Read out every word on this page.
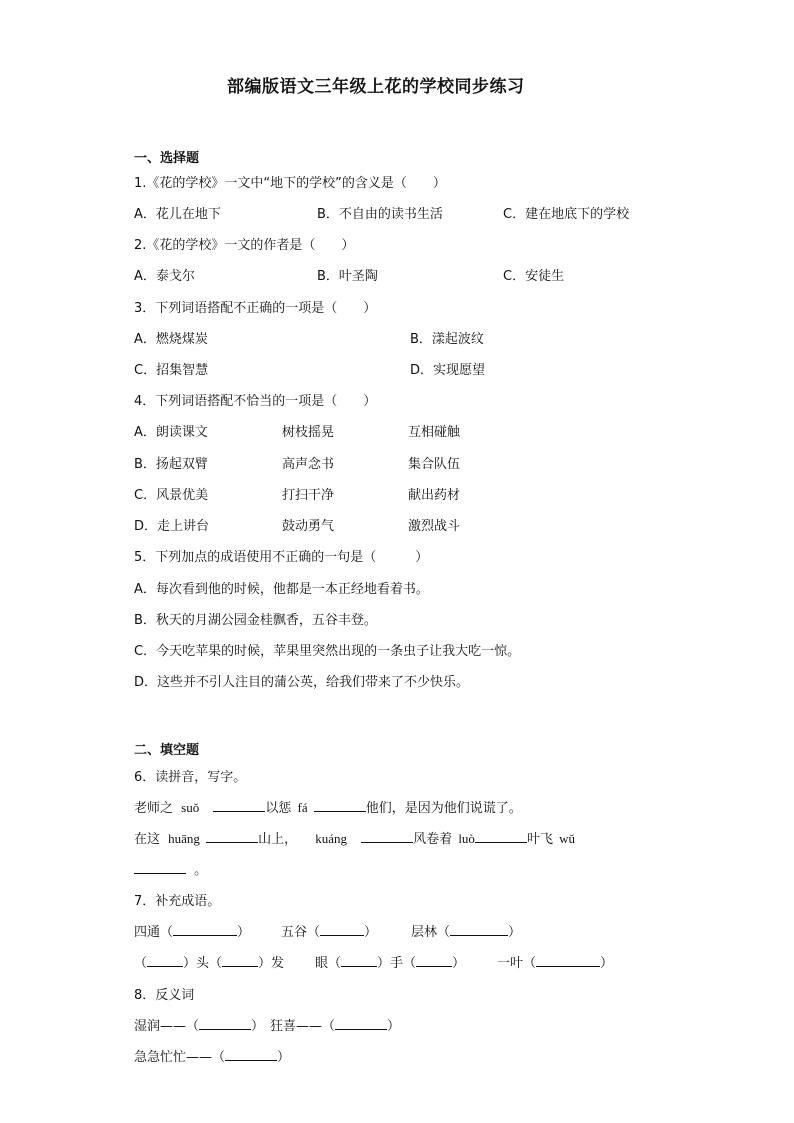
部编版语文三年级上花的学校同步练习
一、选择题
1.《花的学校》一文中“地下的学校”的含义是（　　）
A．花儿在地下	B．不自由的读书生活	C．建在地底下的学校
2.《花的学校》一文的作者是（　　）
A．泰戈尔	B．叶圣陶	C．安徒生
3．下列词语搭配不正确的一项是（　　）
A．燃烧煤炭	B．漾起波纹
C．招集智慧	D．实现愿望
4．下列词语搭配不恰当的一项是（　　）
A．朗读课文	树枝摇晃	互相碰触
B．扬起双臂	高声念书	集合队伍
C．风景优美	打扫干净	献出药材
D．走上讲台	鼓动勇气	激烈战斗
5．下列加点的成语使用不正确的一句是（　　　）
A．每次看到他的时候，他都是一本正经地看着书。
B．秋天的月湖公园金桂飘香，五谷丰登。
C．今天吃苹果的时候，苹果里突然出现的一条虫子让我大吃一惊。
D．这些并不引人注目的蒲公英，给我们带来了不少快乐。
二、填空题
6．读拼音，写字。
老师之 suǒ	以惩 fá	他们，是因为他们说谎了。
在这 huāng	山上， kuáng	风卷着 luò	叶飞 wǔ
。
7．补充成语。
四通（	） 五谷（	）	层林（	）
（	）头（	）发 眼（	）手（	） 一叶（	）
8．反义词
湿润——（	） 狂喜——（	）
急急忙忙——（	）
